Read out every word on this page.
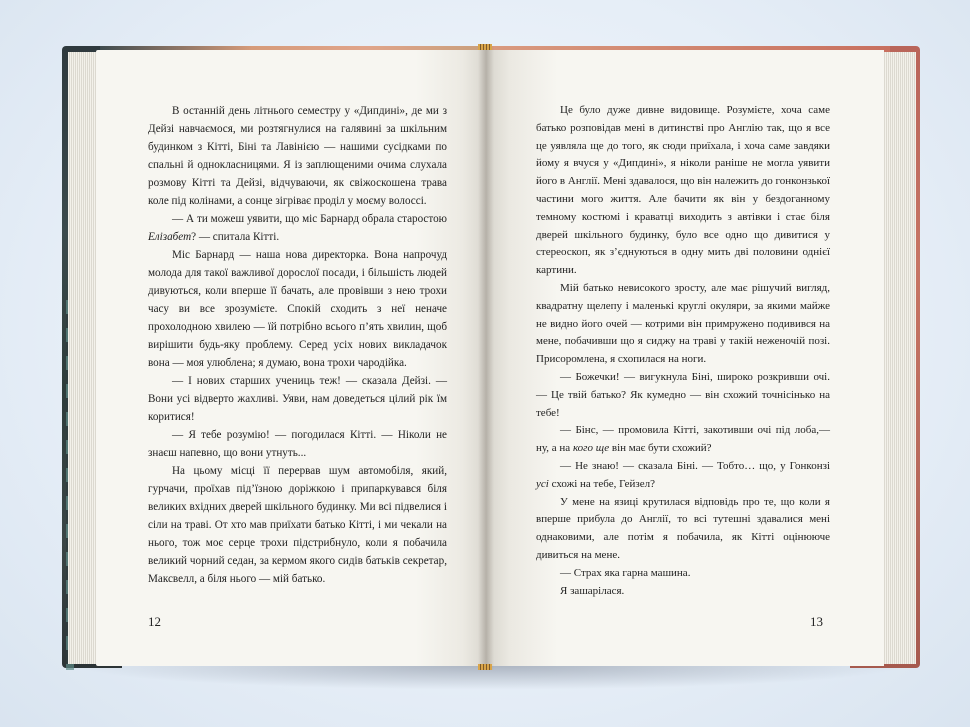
В останній день літнього семестру у «Дипдині», де ми з Дейзі навчаємося, ми розтягнулися на галявині за шкільним будинком з Кітті, Біні та Лавінією — нашими сусідками по спальні й однокласницями. Я із заплющеними очима слухала розмову Кітті та Дейзі, відчуваючи, як свіжоскошена трава коле під колінами, а сонце зігріває проділ у моєму волоссі.

— А ти можеш уявити, що міс Барнард обрала старостою Елізабет? — спитала Кітті.

Міс Барнард — наша нова директорка. Вона напрочуд молода для такої важливої дорослої посади, і більшість людей дивуються, коли вперше її бачать, але провівши з нею трохи часу ви все зрозумієте. Спокій сходить з неї неначе прохолодною хвилею — їй потрібно всього п’ять хвилин, щоб вирішити будь-яку проблему. Серед усіх нових викладачок вона — моя улюблена; я думаю, вона трохи чародійка.

— І нових старших учениць теж! — сказала Дейзі. — Вони усі відверто жахливі. Уяви, нам доведеться цілий рік їм коритися!

— Я тебе розумію! — погодилася Кітті. — Ніколи не знаєш напевно, що вони утнуть...

На цьому місці її перервав шум автомобіля, який, гурчачи, проїхав під’їзною доріжкою і припаркувався біля великих вхідних дверей шкільного будинку. Ми всі підвелися і сіли на траві. От хто мав приїхати батько Кітті, і ми чекали на нього, тож моє серце трохи підстрибнуло, коли я побачила великий чорний седан, за кермом якого сидів батьків секретар, Максвелл, а біля нього — мій батько.

Це було дуже дивне видовище. Розумієте, хоча саме батько розповідав мені в дитинстві про Англію так, що я все це уявляла ще до того, як сюди приїхала, і хоча саме завдяки йому я вчуся у «Дипдині», я ніколи раніше не могла уявити його в Англії. Мені здавалося, що він належить до гонконзької частини мого життя. Але бачити як він у бездоганному темному костюмі і краватці виходить з автівки і стає біля дверей шкільного будинку, було все одно що дивитися у стереоскоп, як з’єднуються в одну мить дві половини однієї картини.

Мій батько невисокого зросту, але має рішучий вигляд, квадратну щелепу і маленькі круглі окуляри, за якими майже не видно його очей — котрими він примружено подивився на мене, побачивши що я сиджу на траві у такій неженочій позі. Присоромлена, я схопилася на ноги.

— Божечки! — вигукнула Біні, широко розкривши очі. — Це твій батько? Як кумедно — він схожий точнісінько на тебе!

— Бінс, — промовила Кітті, закотивши очі під лоба,— ну, а на кого ще він має бути схожий?

— Не знаю! — сказала Біні. — Тобто… що, у Гонконзі усі схожі на тебе, Гейзел?

У мене на язиці крутилася відповідь про те, що коли я вперше прибула до Англії, то всі тутешні здавалися мені однаковими, але потім я побачила, як Кітті оцінююче дивиться на мене.

— Страх яка гарна машина.

Я зашарілася.

12	13
